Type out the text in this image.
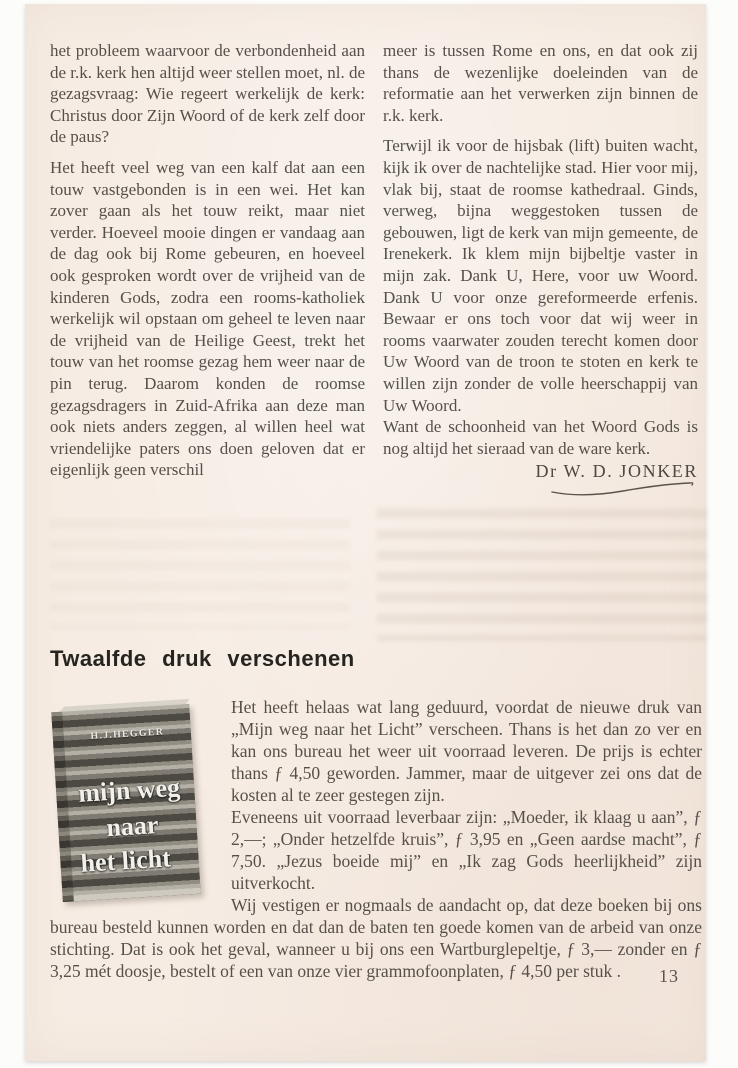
het probleem waarvoor de verbondenheid aan de r.k. kerk hen altijd weer stellen moet, nl. de gezagsvraag: Wie regeert werkelijk de kerk: Christus door Zijn Woord of de kerk zelf door de paus?

Het heeft veel weg van een kalf dat aan een touw vastgebonden is in een wei. Het kan zover gaan als het touw reikt, maar niet verder. Hoeveel mooie dingen er vandaag aan de dag ook bij Rome gebeuren, en hoeveel ook gesproken wordt over de vrijheid van de kinderen Gods, zodra een rooms-katholiek werkelijk wil opstaan om geheel te leven naar de vrijheid van de Heilige Geest, trekt het touw van het roomse gezag hem weer naar de pin terug. Daarom konden de roomse gezagsdragers in Zuid-Afrika aan deze man ook niets anders zeggen, al willen heel wat vriendelijke paters ons doen geloven dat er eigenlijk geen verschil

meer is tussen Rome en ons, en dat ook zij thans de wezenlijke doeleinden van de reformatie aan het verwerken zijn binnen de r.k. kerk.

Terwijl ik voor de hijsbak (lift) buiten wacht, kijk ik over de nachtelijke stad. Hier voor mij, vlak bij, staat de roomse kathedraal. Ginds, verweg, bijna weggestoken tussen de gebouwen, ligt de kerk van mijn gemeente, de Irenekerk. Ik klem mijn bijbeltje vaster in mijn zak. Dank U, Here, voor uw Woord. Dank U voor onze gereformeerde erfenis. Bewaar er ons toch voor dat wij weer in rooms vaarwater zouden terecht komen door Uw Woord van de troon te stoten en kerk te willen zijn zonder de volle heerschappij van Uw Woord.

Want de schoonheid van het Woord Gods is nog altijd het sieraad van de ware kerk.

Dr W. D. JONKER
Twaalfde druk verschenen
H.J.HEGGER
mijn weg
naar
het licht

Het heeft helaas wat lang geduurd, voordat de nieuwe druk van „Mijn weg naar het Licht” verscheen. Thans is het dan zo ver en kan ons bureau het weer uit voorraad leveren. De prijs is echter thans ƒ 4,50 geworden. Jammer, maar de uitgever zei ons dat de kosten al te zeer gestegen zijn.

Eveneens uit voorraad leverbaar zijn: „Moeder, ik klaag u aan”, ƒ 2,—; „Onder hetzelfde kruis”, ƒ 3,95 en „Geen aardse macht”, ƒ 7,50. „Jezus boeide mij” en „Ik zag Gods heerlijkheid” zijn uitverkocht.

Wij vestigen er nogmaals de aandacht op, dat deze boeken bij ons bureau besteld kunnen worden en dat dan de baten ten goede komen van de arbeid van onze stichting. Dat is ook het geval, wanneer u bij ons een Wartburglepeltje, ƒ 3,— zonder en ƒ 3,25 mét doosje, bestelt of een van onze vier grammofoonplaten, ƒ 4,50 per stuk .	13
